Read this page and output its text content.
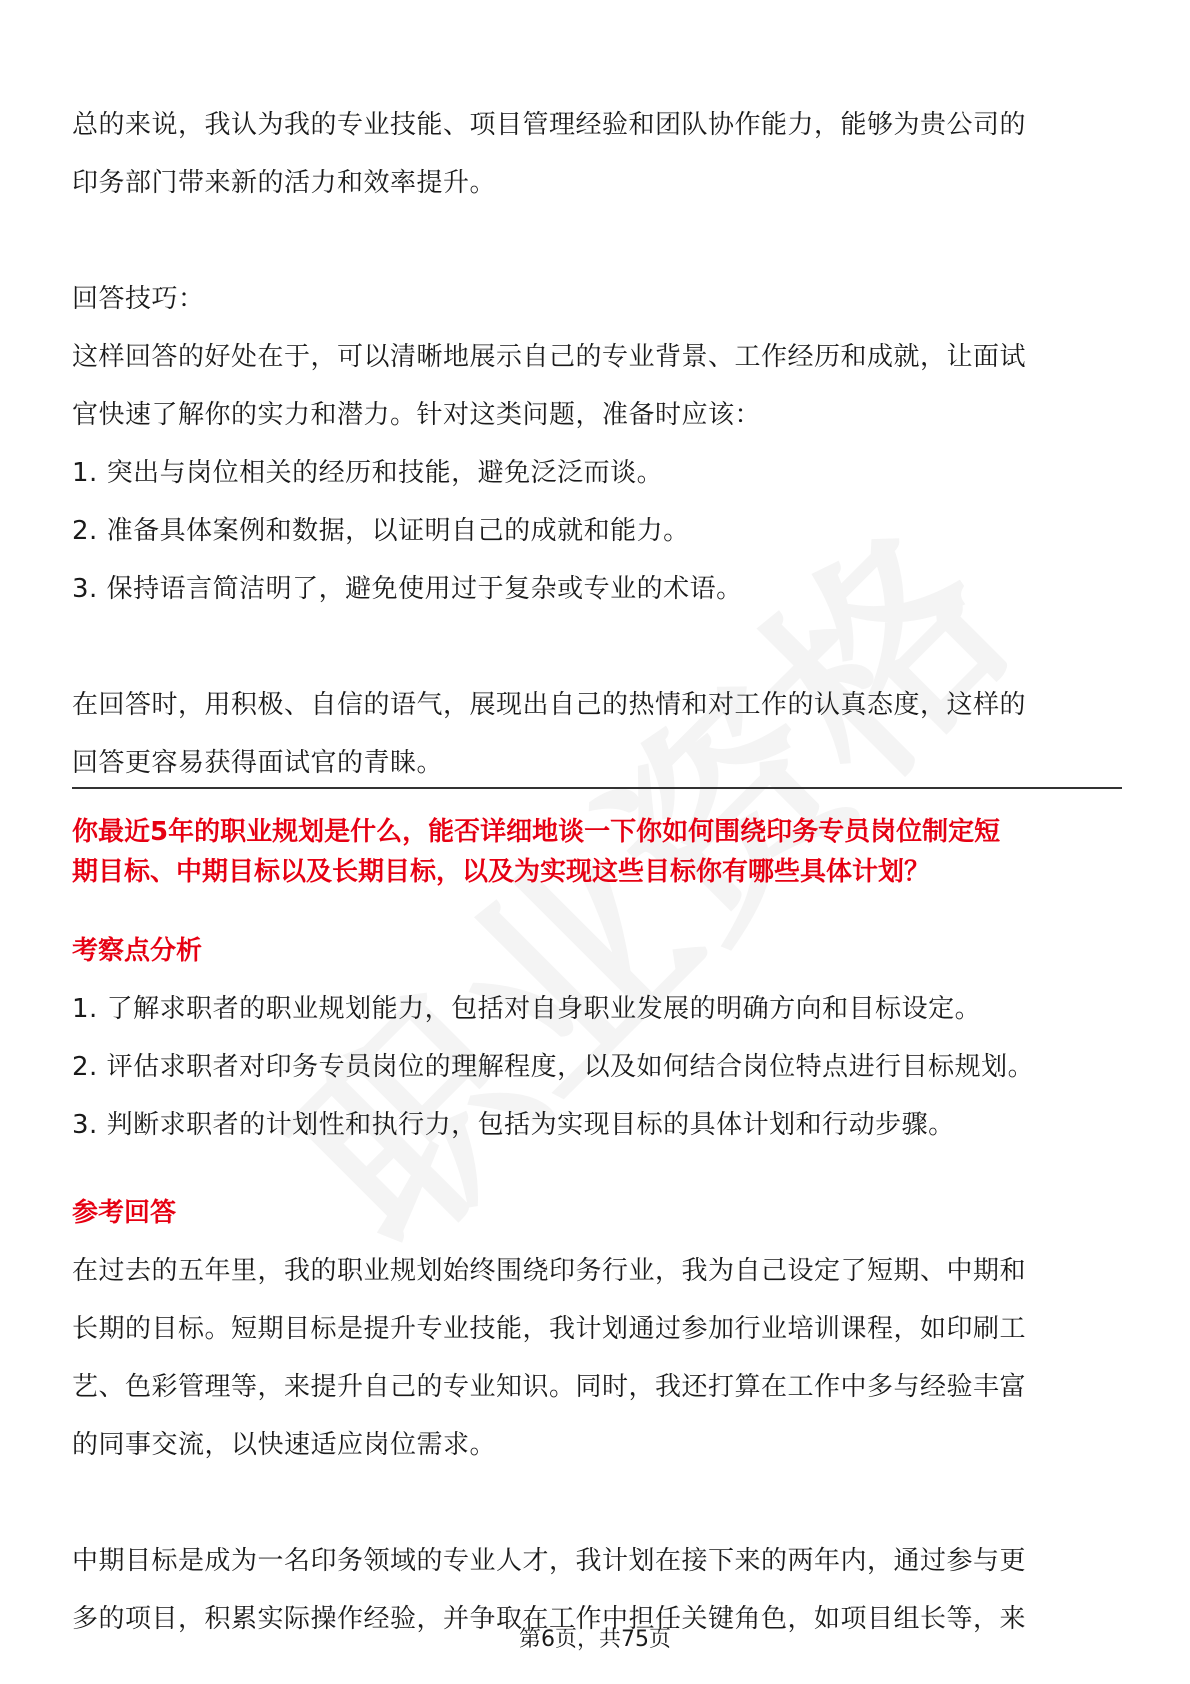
总的来说，我认为我的专业技能、项目管理经验和团队协作能力，能够为贵公司的

印务部门带来新的活力和效率提升。

回答技巧：

这样回答的好处在于，可以清晰地展示自己的专业背景、工作经历和成就，让面试

官快速了解你的实力和潜力。针对这类问题，准备时应该：

1. 突出与岗位相关的经历和技能，避免泛泛而谈。

2. 准备具体案例和数据，以证明自己的成就和能力。

3. 保持语言简洁明了，避免使用过于复杂或专业的术语。

在回答时，用积极、自信的语气，展现出自己的热情和对工作的认真态度，这样的

回答更容易获得面试官的青睐。

你最近5年的职业规划是什么，能否详细地谈一下你如何围绕印务专员岗位制定短
期目标、中期目标以及长期目标，以及为实现这些目标你有哪些具体计划？

考察点分析

1. 了解求职者的职业规划能力，包括对自身职业发展的明确方向和目标设定。

2. 评估求职者对印务专员岗位的理解程度，以及如何结合岗位特点进行目标规划。

3. 判断求职者的计划性和执行力，包括为实现目标的具体计划和行动步骤。

参考回答

在过去的五年里，我的职业规划始终围绕印务行业，我为自己设定了短期、中期和

长期的目标。短期目标是提升专业技能，我计划通过参加行业培训课程，如印刷工

艺、色彩管理等，来提升自己的专业知识。同时，我还打算在工作中多与经验丰富

的同事交流，以快速适应岗位需求。

中期目标是成为一名印务领域的专业人才，我计划在接下来的两年内，通过参与更

多的项目，积累实际操作经验，并争取在工作中担任关键角色，如项目组长等，来

第6页，共75页
